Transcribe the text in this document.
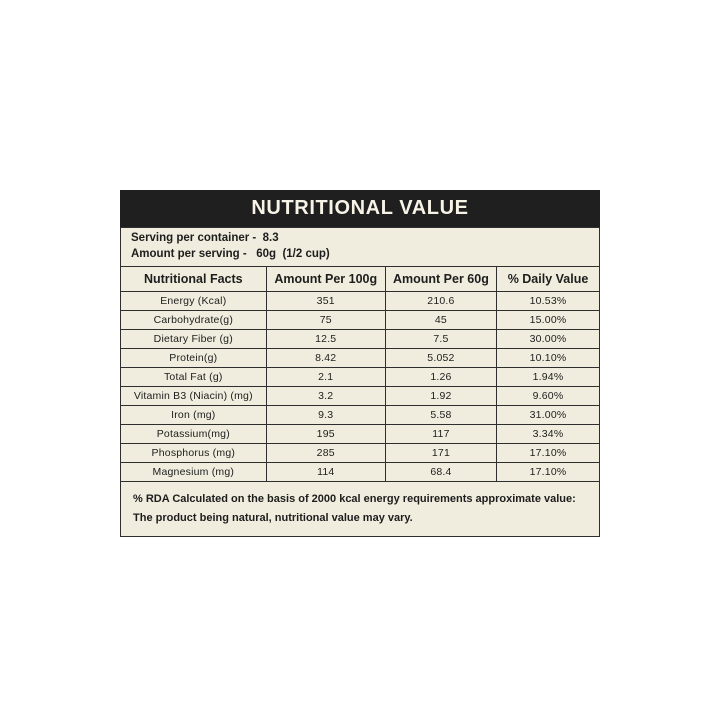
NUTRITIONAL VALUE
Serving per container -  8.3
Amount per serving -   60g  (1/2 cup)
Nutritional Facts	Amount Per 100g	Amount Per 60g	% Daily Value
Energy (Kcal)	351	210.6	10.53%
Carbohydrate(g)	75	45	15.00%
Dietary Fiber (g)	12.5	7.5	30.00%
Protein(g)	8.42	5.052	10.10%
Total Fat (g)	2.1	1.26	1.94%
Vitamin B3 (Niacin) (mg)	3.2	1.92	9.60%
Iron (mg)	9.3	5.58	31.00%
Potassium(mg)	195	117	3.34%
Phosphorus (mg)	285	171	17.10%
Magnesium (mg)	114	68.4	17.10%
% RDA Calculated on the basis of 2000 kcal energy requirements approximate value:
The product being natural, nutritional value may vary.
